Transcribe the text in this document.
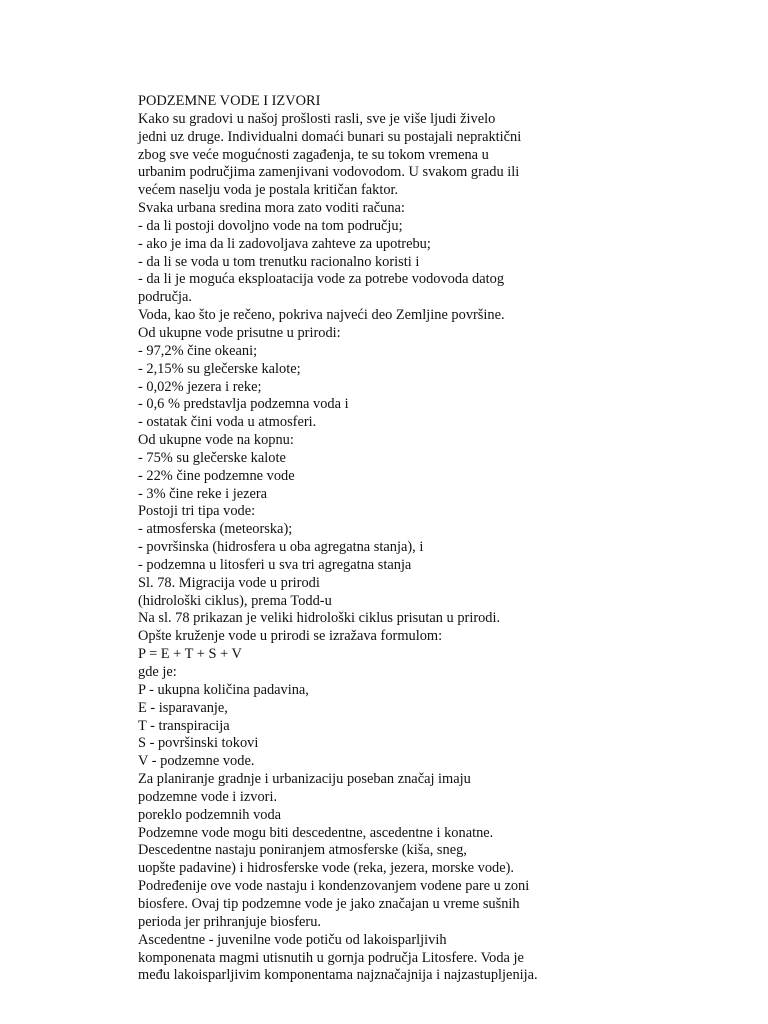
PODZEMNE VODE I IZVORI
Kako su gradovi u našoj prošlosti rasli, sve je više ljudi živelo
jedni uz druge. Individualni domaći bunari su postajali nepraktični
zbog sve veće mogućnosti zagađenja, te su tokom vremena u
urbanim područjima zamenjivani vodovodom. U svakom gradu ili
većem naselju voda je postala kritičan faktor.
Svaka urbana sredina mora zato voditi računa:
- da li postoji dovoljno vode na tom području;
- ako je ima da li zadovoljava zahteve za upotrebu;
- da li se voda u tom trenutku racionalno koristi i
- da li je moguća eksploatacija vode za potrebe vodovoda datog
područja.
Voda, kao što je rečeno, pokriva najveći deo Zemljine površine.
Od ukupne vode prisutne u prirodi:
- 97,2% čine okeani;
- 2,15% su glečerske kalote;
- 0,02% jezera i reke;
- 0,6 % predstavlja podzemna voda i
- ostatak čini voda u atmosferi.
Od ukupne vode na kopnu:
- 75% su glečerske kalote
- 22% čine podzemne vode
- 3% čine reke i jezera
Postoji tri tipa vode:
- atmosferska (meteorska);
- površinska (hidrosfera u oba agregatna stanja), i
- podzemna u litosferi u sva tri agregatna stanja
Sl. 78. Migracija vode u prirodi
(hidrološki ciklus), prema Todd-u
Na sl. 78 prikazan je veliki hidrološki ciklus prisutan u prirodi.
Opšte kruženje vode u prirodi se izražava formulom:
P = E + T + S + V
gde je:
P - ukupna količina padavina,
E - isparavanje,
T - transpiracija
S - površinski tokovi
V - podzemne vode.
Za planiranje gradnje i urbanizaciju poseban značaj imaju
podzemne vode i izvori.
poreklo podzemnih voda
Podzemne vode mogu biti descedentne, ascedentne i konatne.
Descedentne nastaju poniranjem atmosferske (kiša, sneg,
uopšte padavine) i hidrosferske vode (reka, jezera, morske vode).
Podređenije ove vode nastaju i kondenzovanjem vodene pare u zoni
biosfere. Ovaj tip podzemne vode je jako značajan u vreme sušnih
perioda jer prihranjuje biosferu.
Ascedentne - juvenilne vode potiču od lakoisparljivih
komponenata magmi utisnutih u gornja područja Litosfere. Voda je
među lakoisparljivim komponentama najznačajnija i najzastupljenija.
